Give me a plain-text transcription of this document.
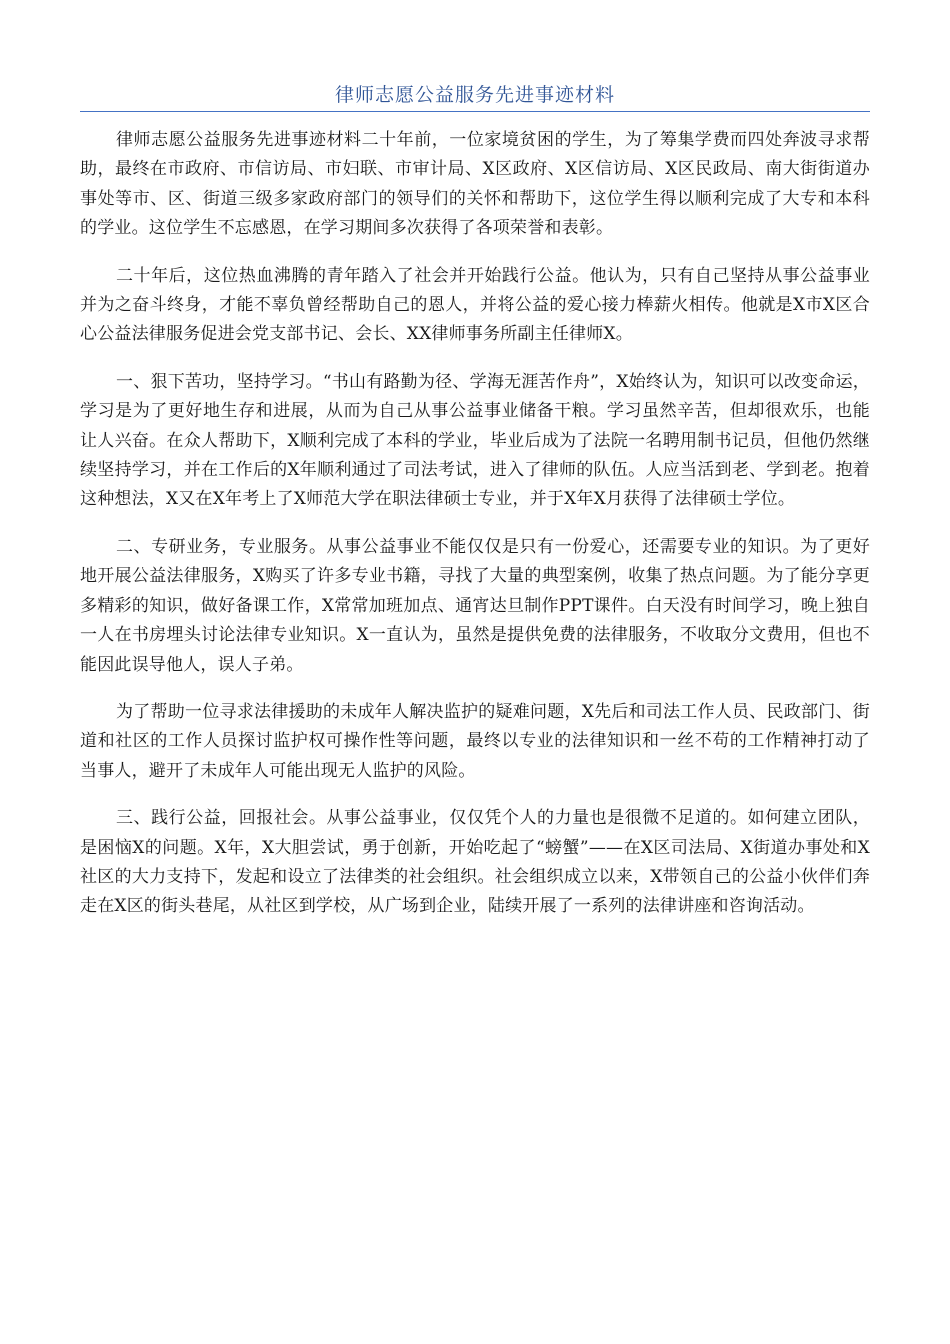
律师志愿公益服务先进事迹材料

律师志愿公益服务先进事迹材料二十年前，一位家境贫困的学生，为了筹集学费而四处奔波寻求帮助，最终在市政府、市信访局、市妇联、市审计局、X区政府、X区信访局、X区民政局、南大街街道办事处等市、区、街道三级多家政府部门的领导们的关怀和帮助下，这位学生得以顺利完成了大专和本科的学业。这位学生不忘感恩，在学习期间多次获得了各项荣誉和表彰。

二十年后，这位热血沸腾的青年踏入了社会并开始践行公益。他认为，只有自己坚持从事公益事业并为之奋斗终身，才能不辜负曾经帮助自己的恩人，并将公益的爱心接力棒薪火相传。他就是X市X区合心公益法律服务促进会党支部书记、会长、XX律师事务所副主任律师X。

一、狠下苦功，坚持学习。“书山有路勤为径、学海无涯苦作舟”，X始终认为，知识可以改变命运，学习是为了更好地生存和进展，从而为自己从事公益事业储备干粮。学习虽然辛苦，但却很欢乐，也能让人兴奋。在众人帮助下，X顺利完成了本科的学业，毕业后成为了法院一名聘用制书记员，但他仍然继续坚持学习，并在工作后的X年顺利通过了司法考试，进入了律师的队伍。人应当活到老、学到老。抱着这种想法，X又在X年考上了X师范大学在职法律硕士专业，并于X年X月获得了法律硕士学位。

二、专研业务，专业服务。从事公益事业不能仅仅是只有一份爱心，还需要专业的知识。为了更好地开展公益法律服务，X购买了许多专业书籍，寻找了大量的典型案例，收集了热点问题。为了能分享更多精彩的知识，做好备课工作，X常常加班加点、通宵达旦制作PPT课件。白天没有时间学习，晚上独自一人在书房埋头讨论法律专业知识。X一直认为，虽然是提供免费的法律服务，不收取分文费用，但也不能因此误导他人，误人子弟。

为了帮助一位寻求法律援助的未成年人解决监护的疑难问题，X先后和司法工作人员、民政部门、街道和社区的工作人员探讨监护权可操作性等问题，最终以专业的法律知识和一丝不苟的工作精神打动了当事人，避开了未成年人可能出现无人监护的风险。

三、践行公益，回报社会。从事公益事业，仅仅凭个人的力量也是很微不足道的。如何建立团队，是困恼X的问题。X年，X大胆尝试，勇于创新，开始吃起了“螃蟹”——在X区司法局、X街道办事处和X社区的大力支持下，发起和设立了法律类的社会组织。社会组织成立以来，X带领自己的公益小伙伴们奔走在X区的街头巷尾，从社区到学校，从广场到企业，陆续开展了一系列的法律讲座和咨询活动。
